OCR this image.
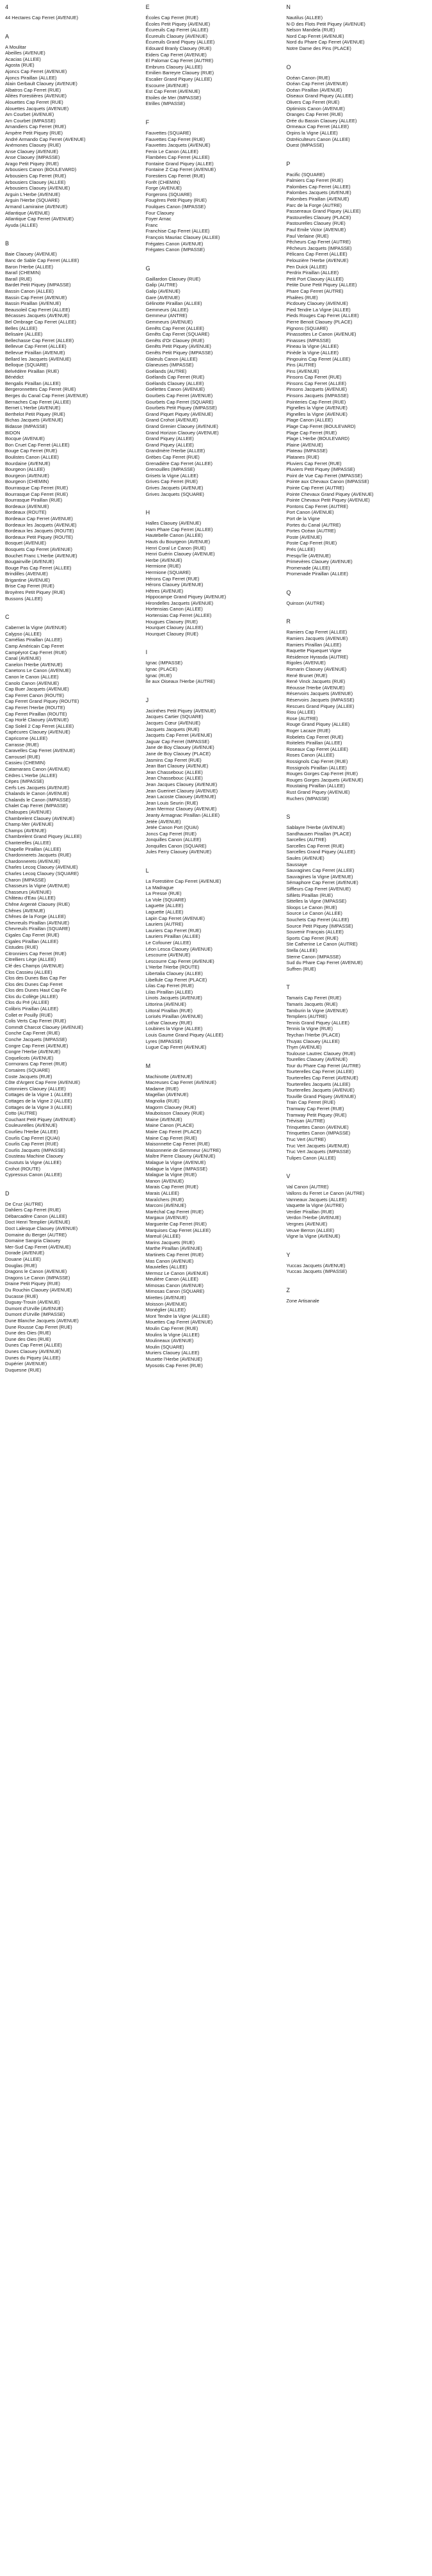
4
44 Hectares Cap Ferret (AVENUE)
A
A Moulitar
Abeilles (AVENUE)
Acacias (ALLEE)
Agosta (RUE)
Ajoncs Cap Ferret (AVENUE)
Ajoncs Piraillan (ALLEE)
Alain Gerbault Claouey (AVENUE)
Albatros Cap Ferret (RUE)
Allées Forestières (AVENUE)
Alouettes Cap Ferret (RUE)
Alouettes Jacquets (AVENUE)
Am Courbet (AVENUE)
Am Courbet (IMPASSE)
Amandiers Cap Ferret (RUE)
Ampère Petit Piquey (RUE)
André Armando Cap Ferret (AVENUE)
Anémones Claouey (RUE)
Anse Claouey (AVENUE)
Anse Claouey (IMPASSE)
Arago Petit Piquey (RUE)
Arbousiers Canon (BOULEVARD)
Arbousiers Cap Ferret (RUE)
Arbousiers Claouey (ALLEE)
Arbousiers Claouey (AVENUE)
Arguin L'Herbe (AVENUE)
Arguin l'Herbe (SQUARE)
Armand Lamiraine (AVENUE)
Atlantique (AVENUE)
Atlantique Cap Ferret (AVENUE)
Ayuda (ALLEE)
B
Baie Claouey (AVENUE)
Banc de Sable Cap Ferret (ALLEE)
Baron l'Herbe (ALLEE)
Baraïl (CHEMIN)
Baraïl (RUE)
Bardet Petit Piquey (IMPASSE)
Bassin Canon (ALLEE)
Bassin Cap Ferret (AVENUE)
Bassin Piraillan (AVENUE)
Beausoleil Cap Ferret (ALLEE)
Bécasses Jacquets (AVENUE)
Bel Ombrage Cap Ferret (ALLEE)
Belles (ALLEE)
Belisaire (ALLEE)
Bellechasse Cap Ferret (ALLEE)
Bellevue Cap Ferret (ALLEE)
Bellevue Piraillan (AVENUE)
Bellard les Jacquets (AVENUE)
Belloque (SQUARE)
Belvédère Piraillan (RUE)
Bénédict
Bengalis Piraillan (ALLEE)
Bergeronnettes Cap Ferret (RUE)
Berges du Canal Cap Ferret (AVENUE)
Bernaches Cap Ferret (ALLEE)
Bernet L'Herbe (AVENUE)
Berthelot Petit Piquey (RUE)
Bichas Jacquets (AVENUE)
Bidasse (IMPASSE)
BIDON
Bocque (AVENUE)
Bon Cruet Cap Ferret (ALLEE)
Bouge Cap Ferret (RUE)
Boulistes Canon (ALLEE)
Bourdaine (AVENUE)
Bourgeon (ALLEE)
Bourgeon (AVENUE)
Bourgeon (CHEMIN)
Bourrasque Cap Ferret (RUE)
Bourrasque Cap Ferret (RUE)
Bourrasque Piraillan (RUE)
Bordeaux (AVENUE)
Bordeaux (ROUTE)
Bordeaux Cap Ferret (AVENUE)
Bordeaux les Jacquets (AVENUE)
Bordeaux les Jacquets (ROUTE)
Bordeaux Petit Piquey (ROUTE)
Bosquet (AVENUE)
Bosquets Cap Ferret (AVENUE)
Bouchet Franc L'Herbe (AVENUE)
Bougainville (AVENUE)
Bouge Pas Cap Ferret (ALLEE)
Brindilles (AVENUE)
Brigantine (AVENUE)
Brise Cap Ferret (RUE)
Broyères Petit Piquey (RUE)
Bussons (ALLEE)
C
Cabernet la Vigne (AVENUE)
Calypso (ALLEE)
Camélias Piraillan (ALLEE)
Camp Américain Cap Ferret
Campéyrot Cap Ferret (RUE)
Canal (AVENUE)
Canelon l'Herbe (AVENUE)
Canetons Le Canon (AVENUE)
Canon le Canon (ALLEE)
Canolo Canon (AVENUE)
Cap Buer Jacquets (AVENUE)
Cap Ferret Canon (ROUTE)
Cap Ferret Grand Piquey (ROUTE)
Cap Ferret l'Herbe (ROUTE)
Cap Ferret Piraillan (ROUTE)
Cap Horlé Claouey (AVENUE)
Cap Soleil 2 Cap Ferret (ALLEE)
Capécures Claouey (AVENUE)
Capricorne (ALLEE)
Carrasse (RUE)
Caravelles Cap Ferret (AVENUE)
Carrousel (RUE)
Cassieu (CHEMIN)
Catamarans Canon (AVENUE)
Cèdres L'Herbe (ALLEE)
Cèpes (IMPASSE)
Cerfs Les Jacquets (AVENUE)
Chalands le Canon (AVENUE)
Chalands le Canon (IMPASSE)
Chalet Cap Ferret (IMPASSE)
Chaloupes (AVENUE)
Chambrelent Claouey (AVENUE)
Champ Mer (AVENUE)
Champs (AVENUE)
Chambrelent Grand Piquey (ALLEE)
Chanterelles (ALLEE)
Chapelle Piraillan (ALLEE)
Chardonnerets Jacquets (RUE)
Chardonnerets (AVENUE)
Charles Lecoq Claouey (AVENUE)
Charles Lecoq Claouey (SQUARE)
Charon (IMPASSE)
Chasseurs la Vigne (AVENUE)
Chasseurs (AVENUE)
Château d'Eau (ALLEE)
Chêne Argenté Claouey (RUE)
Chênes (AVENUE)
Chênes de la Forge (ALLEE)
Chevreuils Piraillan (AVENUE)
Chevreuils Piraillan (SQUARE)
Cigales Cap Ferret (RUE)
Cigales Piraillan (ALLEE)
Cistudes (RUE)
Citronniers Cap Ferret (RUE)
Citrelliers Lège (ALLEE)
Clé des Champs (AVENUE)
Clos Cassieu (ALLEE)
Clos des Dunes Bas Cap Fer
Clos des Dunes Cap Ferret
Clos des Dunes Haut Cap Fe
Clos du Collège (ALLEE)
Clos du Pré (ALLEE)
Colibris Piraillan (ALLEE)
Collet er Pouilly (RUE)
Colis Verts Cap Ferret (RUE)
Commdt Charcot Claouey (AVENUE)
Conche Cap Ferret (RUE)
Conche Jacquets (IMPASSE)
Congre Cap Ferret (AVENUE)
Congre l'Herbe (AVENUE)
Coquelicots (AVENUE)
Cormorans Cap Ferret (RUE)
Corsaires (SQUARE)
Coste Jacquets (RUE)
Côte d'Argent Cap Ferre (AVENUE)
Cotonniers Claouey (ALLEE)
Cottages de la Vigne 1 (ALLEE)
Cottages de la Vigne 2 (ALLEE)
Cottages de la Vigne 3 (ALLEE)
Cotto (AUTRE)
Couchant Petit Piquey (AVENUE)
Couleuvrelles (AVENUE)
Courlieu l'Herbe (ALLEE)
Courlis Cap Ferret (QUAI)
Courlis Cap Ferret (RUE)
Courlis Jacquets (IMPASSE)
Cousteau Machine Claouey
Coustuts la Vigne (ALLEE)
Crohot (ROUTE)
Cypressus Canon (ALLEE)
D
De Cruz (AUTRE)
Dahliers Cap Ferret (RUE)
Débarcadère Canon (ALLEE)
Doct Henri Templier (AVENUE)
Doct Lalesque Claouey (AVENUE)
Domaine du Berger (AUTRE)
Domaine Sangria Claouey
Mer-Sud Cap Ferret (AVENUE)
Dorade (AVENUE)
Douane (ALLEE)
Douglas (RUE)
Dragons le Canon (AVENUE)
Dragons Le Canon (IMPASSE)
Draine Petit Piquey (RUE)
Du Rouchin Claouey (AVENUE)
Ducasse (RUE)
Duguay-Trouin (AVENUE)
Dumont d'Urville (AVENUE)
Dumont d'Urville (IMPASSE)
Dune Blanche Jacquets (AVENUE)
Dune Rousse Cap Ferret (RUE)
Dune des Oies (RUE)
Dune des Oies (RUE)
Dunes Cap Ferret (ALLEE)
Dunes Claouey (AVENUE)
Dunes du Piquey (ALLEE)
Dupérier (AVENUE)
Duquesne (RUE)
E
Écoles Cap Ferret (RUE)
Écoles Petit Piquey (AVENUE)
Écureuils Cap Ferret (ALLEE)
Écureuils Claouey (AVENUE)
Écureuils Grand Piquey (ALLEE)
Edouard Branly Claouey (RUE)
Eiders Cap Ferret (AVENUE)
El Palomar Cap Ferret (AUTRE)
Embruns Claouey (ALLEE)
Emilien Barreyre Claouey (RUE)
Escalier Grand Piquey (ALLEE)
Escourre (AVENUE)
Est Cap Ferret (AVENUE)
Etoiles de Mer (IMPASSE)
Etrilles (IMPASSE)
F
Fauvettes (SQUARE)
Fauvettes Cap Ferret (RUE)
Fauvettes Jacquets (AVENUE)
Fenix Le Canon (ALLEE)
Flambées Cap Ferret (ALLEE)
Fontaine Grand Piquey (ALLEE)
Fontaine Z Cap Ferret (AVENUE)
Forestiers Cap Ferret (RUE)
Forêt (CHEMIN)
Forge (AVENUE)
Forgerons (SQUARE)
Fougères Petit Piquey (RUE)
Foulques Canon (IMPASSE)
Four Claouey
Foyer Arnac
Franc
Franchise Cap Ferret (ALLEE)
François Mauriac Claouey (ALLEE)
Frégates Canon (AVENUE)
Frégates Canon (IMPASSE)
G
Gaillardon Claouey (RUE)
Galip (AUTRE)
Galip (AVENUE)
Gare (AVENUE)
Gélinotte Piraillan (ALLEE)
Gemmeurs (ALLEE)
Gemmeur (ANTRE)
Gemmeurs (AVENUE)
Genêts Cap Ferret (ALLEE)
Genêts Cap Ferret (SQUARE)
Genêts d'Or Claouey (RUE)
Genêts Petit Piquey (AVENUE)
Genêts Petit Piquey (IMPASSE)
Glaïeuls Canon (ALLEE)
Glaneuses (IMPASSE)
Goélands (AUTRE)
Goélands Cap Ferret (RUE)
Goélands Claouey (ALLEE)
Goélettes Canon (AVENUE)
Gourbets Cap Ferret (AVENUE)
Gourbets Cap Ferret (SQUARE)
Gourbets Petit Piquey (IMPASSE)
Grand Piquet Piquey (AVENUE)
Grand Crohot (AVENUE)
Grand Grenier Claouey (AVENUE)
Grand Horizon Claouey (AVENUE)
Grand Piquey (ALLEE)
Grand Piquey (ALLEE)
Grandmère l'Herbe (ALLEE)
Grèbes Cap Ferret (RUE)
Grenadière Cap Ferret (ALLEE)
Grenouilles (IMPASSE)
Grisets la Vigne (ALLEE)
Grives Cap Ferret (RUE)
Grives Jacquets (AVENUE)
Grives Jacquets (SQUARE)
H
Halles Claouey (AVENUE)
Ham Phare Cap Ferret (ALLEE)
Hautebelle Canon (ALLEE)
Hauts du Bourgeon (AVENUE)
Henri Coral Le Canon (RUE)
Henri Guérin Claouey (AVENUE)
Herbe (AVENUE)
Hermione (RUE)
Hermione (SQUARE)
Hérons Cap Ferret (RUE)
Hérons Claouey (AVENUE)
Hêtres (AVENUE)
Hippocampe Grand Piquey (AVENUE)
Hirondelles Jacquets (AVENUE)
Hortensias Canon (ALLEE)
Hortensias Cap Ferret (ALLEE)
Hougues Claouey (RUE)
Hourquet Claouey (ALLEE)
Hourquet Claouey (RUE)
I
Ignac (IMPASSE)
Ignac (PLACE)
Ignac (RUE)
Île aux Oiseaux l'Herbe (AUTRE)
J
Jacinthes Petit Piquey (AVENUE)
Jacques Cartier (SQUARE)
Jacques Cœur (AVENUE)
Jacquets Jacquets (RUE)
Jacquets Cap Ferret (AVENUE)
Jaguar Cap Ferret (IMPASSE)
Jane de Boy Claouey (AVENUE)
Jane de Boy Claouey (PLACE)
Jasmins Cap Ferret (RUE)
Jean Bart Claouey (AVENUE)
Jean Chassebouc (ALLEE)
Jean Chassebouc (ALLEE)
Jean Jacques Claouey (AVENUE)
Jean Guerinet Claouey (AVENUE)
Jean Lacoste Claouey (AVENUE)
Jean Louis Seurin (RUE)
Jean Mermoz Claouey (AVENUE)
Jeanty Armagnac Piraillan (ALLEE)
Jetée (AVENUE)
Jetée Canon Port (QUAI)
Joncs Cap Ferret (RUE)
Jonquilles Canon (ALLEE)
Jonquilles Canon (SQUARE)
Jules Ferry Claouey (AVENUE)
L
La Forestière Cap Ferret (AVENUE)
La Madrague
La Presse (RUE)
La Vole (SQUARE)
Laguette (ALLEE)
Laguette (ALLEE)
Lapin Cap Ferret (AVENUE)
Lauriers (AUTRE)
Lauriers Cap Ferret (RUE)
Lauriers Piraillan (ALLEE)
Le Cofouner (ALLEE)
Léon Lesca Claouey (AVENUE)
Lescourre (AVENUE)
Lescourre Cap Ferret (AVENUE)
L'Herbe l'Herbe (ROUTE)
Libertalia Claouey (ALLEE)
Libellule Cap Ferret (PLACE)
Lilas Cap Ferret (RUE)
Lilas Piraillan (ALLEE)
Linots Jacquets (AVENUE)
Littorina (AVENUE)
Littoral Piraillan (RUE)
Lorisés Piraillan (AVENUE)
Lothar Claouey (RUE)
Loubines la Vigne (ALLEE)
Louis Gaume Grand Piquey (ALLEE)
Lyres (IMPASSE)
Lugue Cap Ferret (AVENUE)
M
Machinotte (AVENUE)
Macreuses Cap Ferret (AVENUE)
Madame (RUE)
Magellan (AVENUE)
Magnolia (RUE)
Magorm Claouey (RUE)
Mauboisson Claouey (RUE)
Maine (AVENUE)
Maine Canon (PLACE)
Maire Cap Ferret (PLACE)
Maine Cap Ferret (RUE)
Maisonnette Cap Ferret (RUE)
Maisonnerie de Gemmeur (AUTRE)
Maître Pierre Claouey (AVENUE)
Malague la Vigne (AVENUE)
Malague la Vigne (IMPASSE)
Malague la Vigne (RUE)
Manon (AVENUE)
Marais Cap Ferret (RUE)
Marais (ALLEE)
Maraîchers (RUE)
Marconi (AVENUE)
Maréchal Cap Ferret (RUE)
Margaux (AVENUE)
Marguerite Cap Ferret (RUE)
Marquises Cap Ferret (ALLEE)
Mareuil (ALLEE)
Marins Jacquets (RUE)
Marthe Piraillan (AVENUE)
Martinets Cap Ferret (RUE)
Mas Canon (AVENUE)
Mauvielles (ALLEE)
Mermoz Le Canon (AVENUE)
Meulière Canon (ALLEE)
Mimosas Canon (AVENUE)
Mimosas Canon (SQUARE)
Mirettes (AVENUE)
Moisson (AVENUE)
Monéglier (ALLEE)
Mont Tendre la Vigne (ALLEE)
Mouettes Cap Ferret (AVENUE)
Moulin Cap Ferret (RUE)
Moulins la Vigne (ALLEE)
Moulineaux (AVENUE)
Moulin (SQUARE)
Muriers Claouey (ALLEE)
Musette l'Herbe (AVENUE)
Myosotis Cap Ferret (RUE)
N
Nautilus (ALLEE)
N-D des Flots Petit Piquey (AVENUE)
Nelson Mandela (RUE)
Nord Cap Ferret (AVENUE)
Nord du Phare Cap Ferret (AVENUE)
Notre Dame des Pins (PLACE)
O
Océan Canon (RUE)
Océan Cap Ferret (AVENUE)
Océan Piraillan (AVENUE)
Oiseaux Grand Piquey (ALLEE)
Olivers Cap Ferret (RUE)
Optimists Canon (AVENUE)
Oranges Cap Ferret (RUE)
Orée du Bassin Claouey (ALLEE)
Ormeaux Cap Ferret (ALLEE)
Orpins la Vigne (ALLEE)
Ostréiculteurs Canon (ALLEE)
Ouest (IMPASSE)
P
Pacific (SQUARE)
Palmiers Cap Ferret (RUE)
Palombes Cap Ferret (ALLEE)
Palombes Jacquets (AVENUE)
Palombes Piraillan (AVENUE)
Parc de la Forge (AUTRE)
Passereaux Grand Piquey (ALLEE)
Pastourelles Claouey (PLACE)
Pastourelles Claouey (RUE)
Paul Emile Victor (AVENUE)
Paul Verlaine (RUE)
Pêcheurs Cap Ferret (AUTRE)
Pêcheurs Jacquets (IMPASSE)
Pélicans Cap Ferret (ALLEE)
Pelouzière l'Herbe (AVENUE)
Pen Duick (ALLEE)
Perdrix Piraillan (ALLEE)
Petit Port Claouey (ALLEE)
Petite Dune Petit Piquey (ALLEE)
Phare Cap Ferret (AUTRE)
Phalèes (RUE)
Picdouey Claouey (AVENUE)
Pied Tendre La Vigne (ALLEE)
Pieds Rouges Cap Ferret (ALLEE)
Pierre Benoit Claouey (PLACE)
Pignons (SQUARE)
Pinassottes Le Canon (AVENUE)
Pinasses (IMPASSE)
Pineau la Vigne (ALLEE)
Pinède la Vigne (ALLEE)
Pingouins Cap Ferret (ALLEE)
Pins (AUTRE)
Pins (AVENUE)
Pinsons Cap Ferret (RUE)
Pinsons Cap Ferret (ALLEE)
Pinsons Jacquets (AVENUE)
Pinsons Jacquets (IMPASSE)
Pointeries Cap Ferret (RUE)
Pignelles la Vigne (AVENUE)
Pignelles la Vigne (AVENUE)
Plage Canon (ALLEE)
Plage Cap Ferret (BOULEVARD)
Plage Cap Ferret (RUE)
Plage L'Herbe (BOULEVARD)
Plaine (AVENUE)
Plateau (IMPASSE)
Platanes (RUE)
Pluviers Cap Ferret (RUE)
Pluviers Petit Piquey (IMPASSE)
Point de Vue Cap Ferret (IMPASSE)
Pointe aux Chevaux Canon (IMPASSE)
Pointe Cap Ferret (AUTRE)
Pointe Chevaux Grand Piquey (AVENUE)
Pointe Chevaux Petit Piquey (AVENUE)
Pontons Cap Ferret (AUTRE)
Port Canon (AVENUE)
Port de la Vigne
Portes du Canal (AUTRE)
Portes Océan (AUTRE)
Poste (AVENUE)
Poste Cap Ferret (RUE)
Prés (ALLEE)
Presqu'île (AVENUE)
Primevères Claouey (AVENUE)
Promenade (ALLEE)
Promenade Piraillan (ALLEE)
Q
Quinson (AUTRE)
R
Ramiers Cap Ferret (ALLEE)
Ramiers Jacquets (AVENUE)
Ramiers Piraillan (ALLEE)
Raquette Piquequet Vigne
Résidence Hyrasda (AUTRE)
Rigoles (AVENUE)
Romarin Claouey (AVENUE)
René Brunet (RUE)
René Vinck Jacquets (RUE)
Réousse l'Herbe (AVENUE)
Réservoirs Jacquets (AVENUE)
Réservoirs Jacquets (IMPASSE)
Rescues Grand Piquey (ALLEE)
Riou (ALLEE)
Rose (AUTRE)
Rouge Grand Piquey (ALLEE)
Roger Lacaze (RUE)
Robelets Cap Ferret (RUE)
Roitelets Piraillan (ALLEE)
Roseaux Cap Ferret (ALLEE)
Roses Canon (ALLEE)
Rossignols Cap Ferret (RUE)
Rossignols Piraillan (ALLEE)
Rouges Gorges Cap Ferret (RUE)
Rouges Gorges Jacquets (AVENUE)
Roustaing Piraillan (ALLEE)
Rust Grand Piquey (AVENUE)
Ruchers (IMPASSE)
S
Sablayre l'Herbe (AVENUE)
Sandhausen Piraillan (PLACE)
Sarcelles (AUTRE)
Sarcelles Cap Ferret (RUE)
Sarcelles Grand Piquey (ALLEE)
Saules (AVENUE)
Saussaye
Sauvagines Cap Ferret (ALLEE)
Sauvagines la Vigne (AVENUE)
Sémaphore Cap Ferret (AVENUE)
Siffleurs Cap Ferret (AVENUE)
Sifilets Piraillan (RUE)
Sittelles la Vigne (IMPASSE)
Sloops Le Canon (RUE)
Source Le Canon (ALLEE)
Souchets Cap Ferret (ALLEE)
Source Petit Piquey (IMPASSE)
Souvenir Français (ALLEE)
Sports Cap Ferret (RUE)
Ste Catherine Le Canon (AUTRE)
Stella (ALLEE)
Sterne Canon (IMPASSE)
Sud du Phare Cap Ferret (AVENUE)
Suffren (RUE)
T
Tamaris Cap Ferret (RUE)
Tamaris Jacquets (RUE)
Tamburin la Vigne (AVENUE)
Templiers (AUTRE)
Tennis Grand Piquey (ALLEE)
Tennis la Vigne (RUE)
Teychan l'Herbe (PLACE)
Thuyas Claouey (ALLEE)
Thym (AVENUE)
Toulouse Lautrec Claouey (RUE)
Tourelles Claouey (AVENUE)
Tour du Phare Cap Ferret (AUTRE)
Tourterelles Cap Ferret (ALLEE)
Tourterelles Cap Ferret (AVENUE)
Tourterelles Jacquets (ALLEE)
Tourterelles Jacquets (AVENUE)
Touville Grand Piquey (AVENUE)
Train Cap Ferret (RUE)
Tramway Cap Ferret (RUE)
Tramway Petit Piquey (RUE)
Trévisan (AUTRE)
Trinquettes Canon (AVENUE)
Trinquettes Canon (IMPASSE)
Truc Vert (AUTRE)
Truc Vert Jacquets (AVENUE)
Truc Vert Jacquets (IMPASSE)
Tulipes Canon (ALLEE)
V
Val Canon (AUTRE)
Vallons du Ferret Le Canon (AUTRE)
Vanneaux Jacquets (ALLEE)
Vaquette la Vigne (AUTRE)
Verdier Piraillan (RUE)
Verdon l'Herbe (AVENUE)
Vergnes (AVENUE)
Veuve Berron (ALLEE)
Vigne la Vigne (AVENUE)
Y
Yuccas Jacquets (AVENUE)
Yuccas Jacquets (IMPASSE)
Z
Zone Artisanale
